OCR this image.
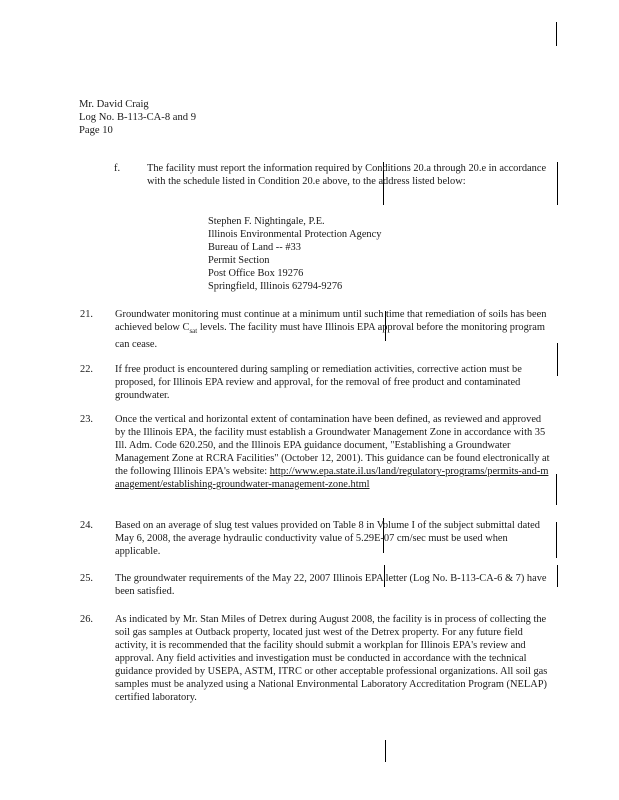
Mr. David Craig
Log No. B-113-CA-8 and 9
Page 10
f.	The facility must report the information required by Conditions 20.a through 20.e in accordance with the schedule listed in Condition 20.e above, to the address listed below:
Stephen F. Nightingale, P.E.
Illinois Environmental Protection Agency
Bureau of Land -- #33
Permit Section
Post Office Box 19276
Springfield, Illinois 62794-9276
21. Groundwater monitoring must continue at a minimum until such time that remediation of soils has been achieved below $C_{sat}$ levels. The facility must have Illinois EPA approval before the monitoring program can cease.
22. If free product is encountered during sampling or remediation activities, corrective action must be proposed, for Illinois EPA review and approval, for the removal of free product and contaminated groundwater.
23. Once the vertical and horizontal extent of contamination have been defined, as reviewed and approved by the Illinois EPA, the facility must establish a Groundwater Management Zone in accordance with 35 Ill. Adm. Code 620.250, and the Illinois EPA guidance document, "Establishing a Groundwater Management Zone at RCRA Facilities" (October 12, 2001). This guidance can be found electronically at the following Illinois EPA's website: http://www.epa.state.il.us/land/regulatory-programs/permits-and-management/establishing-groundwater-management-zone.html
24. Based on an average of slug test values provided on Table 8 in Volume I of the subject submittal dated May 6, 2008, the average hydraulic conductivity value of 5.29E-07 cm/sec must be used when applicable.
25. The groundwater requirements of the May 22, 2007 Illinois EPA letter (Log No. B-113-CA-6 & 7) have been satisfied.
26. As indicated by Mr. Stan Miles of Detrex during August 2008, the facility is in process of collecting the soil gas samples at Outback property, located just west of the Detrex property. For any future field activity, it is recommended that the facility should submit a workplan for Illinois EPA's review and approval. Any field activities and investigation must be conducted in accordance with the technical guidance provided by USEPA, ASTM, ITRC or other acceptable professional organizations. All soil gas samples must be analyzed using a National Environmental Laboratory Accreditation Program (NELAP) certified laboratory.
